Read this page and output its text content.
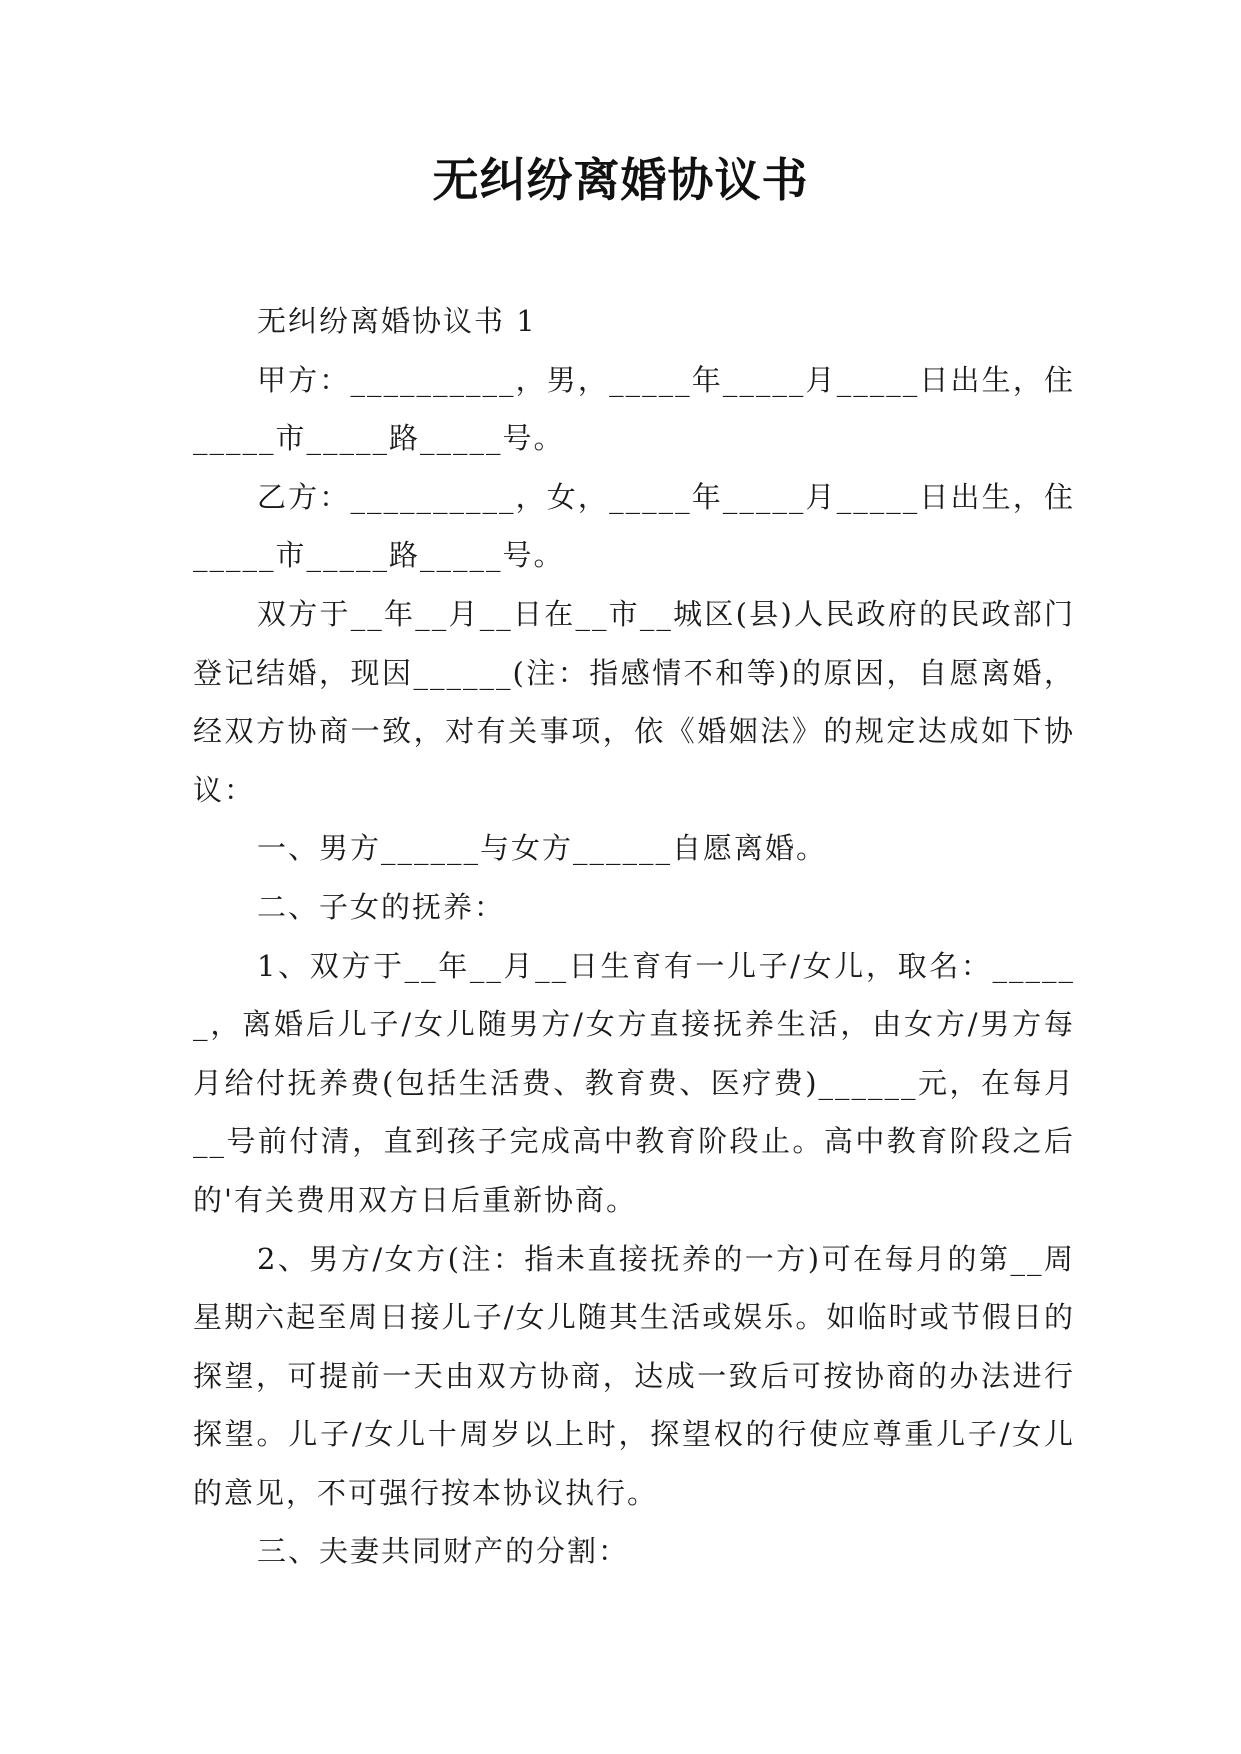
无纠纷离婚协议书

无纠纷离婚协议书 1

甲方：__________，男，_____年_____月_____日出生，住_____市_____路_____号。

乙方：__________，女，_____年_____月_____日出生，住_____市_____路_____号。

双方于__年__月__日在__市__城区(县)人民政府的民政部门登记结婚，现因______(注：指感情不和等)的原因，自愿离婚，经双方协商一致，对有关事项，依《婚姻法》的规定达成如下协议：

一、男方______与女方______自愿离婚。

二、子女的抚养：

1、双方于__年__月__日生育有一儿子/女儿，取名：______，离婚后儿子/女儿随男方/女方直接抚养生活，由女方/男方每月给付抚养费(包括生活费、教育费、医疗费)______元，在每月__号前付清，直到孩子完成高中教育阶段止。高中教育阶段之后的'有关费用双方日后重新协商。

2、男方/女方(注：指未直接抚养的一方)可在每月的第__周星期六起至周日接儿子/女儿随其生活或娱乐。如临时或节假日的探望，可提前一天由双方协商，达成一致后可按协商的办法进行探望。儿子/女儿十周岁以上时，探望权的行使应尊重儿子/女儿的意见，不可强行按本协议执行。

三、夫妻共同财产的分割：
